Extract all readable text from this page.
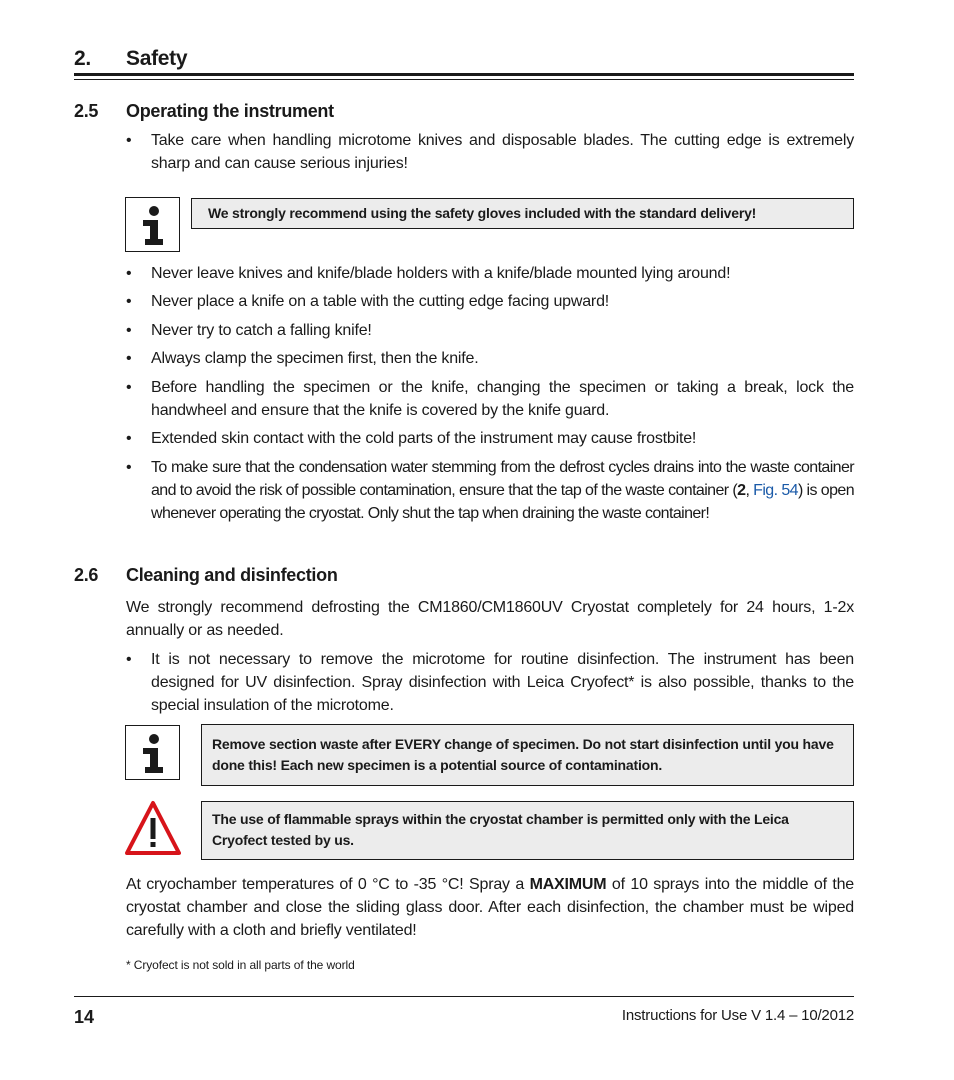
2. Safety
2.5 Operating the instrument
• Take care when handling microtome knives and disposable blades. The cutting edge is extremely sharp and can cause serious injuries!
We strongly recommend using the safety gloves included with the standard delivery!
• Never leave knives and knife/blade holders with a knife/blade mounted lying around!
• Never place a knife on a table with the cutting edge facing upward!
• Never try to catch a falling knife!
• Always clamp the specimen first, then the knife.
• Before handling the specimen or the knife, changing the specimen or taking a break, lock the handwheel and ensure that the knife is covered by the knife guard.
• Extended skin contact with the cold parts of the instrument may cause frostbite!
• To make sure that the condensation water stemming from the defrost cycles drains into the waste container and to avoid the risk of possible contamination, ensure that the tap of the waste container (2, Fig. 54) is open whenever operating the cryostat. Only shut the tap when draining the waste container!
2.6 Cleaning and disinfection
We strongly recommend defrosting the CM1860/CM1860UV Cryostat completely for 24 hours, 1-2x annually or as needed.
• It is not necessary to remove the microtome for routine disinfection. The instrument has been designed for UV disinfection. Spray disinfection with Leica Cryofect* is also possible, thanks to the special insulation of the microtome.
Remove section waste after EVERY change of specimen. Do not start disinfection until you have done this! Each new specimen is a potential source of contamination.
The use of flammable sprays within the cryostat chamber is permitted only with the Leica Cryofect tested by us.
At cryochamber temperatures of 0 °C to -35 °C! Spray a MAXIMUM of 10 sprays into the middle of the cryostat chamber and close the sliding glass door. After each disinfection, the chamber must be wiped carefully with a cloth and briefly ventilated!
* Cryofect is not sold in all parts of the world
14	Instructions for Use V 1.4 – 10/2012
